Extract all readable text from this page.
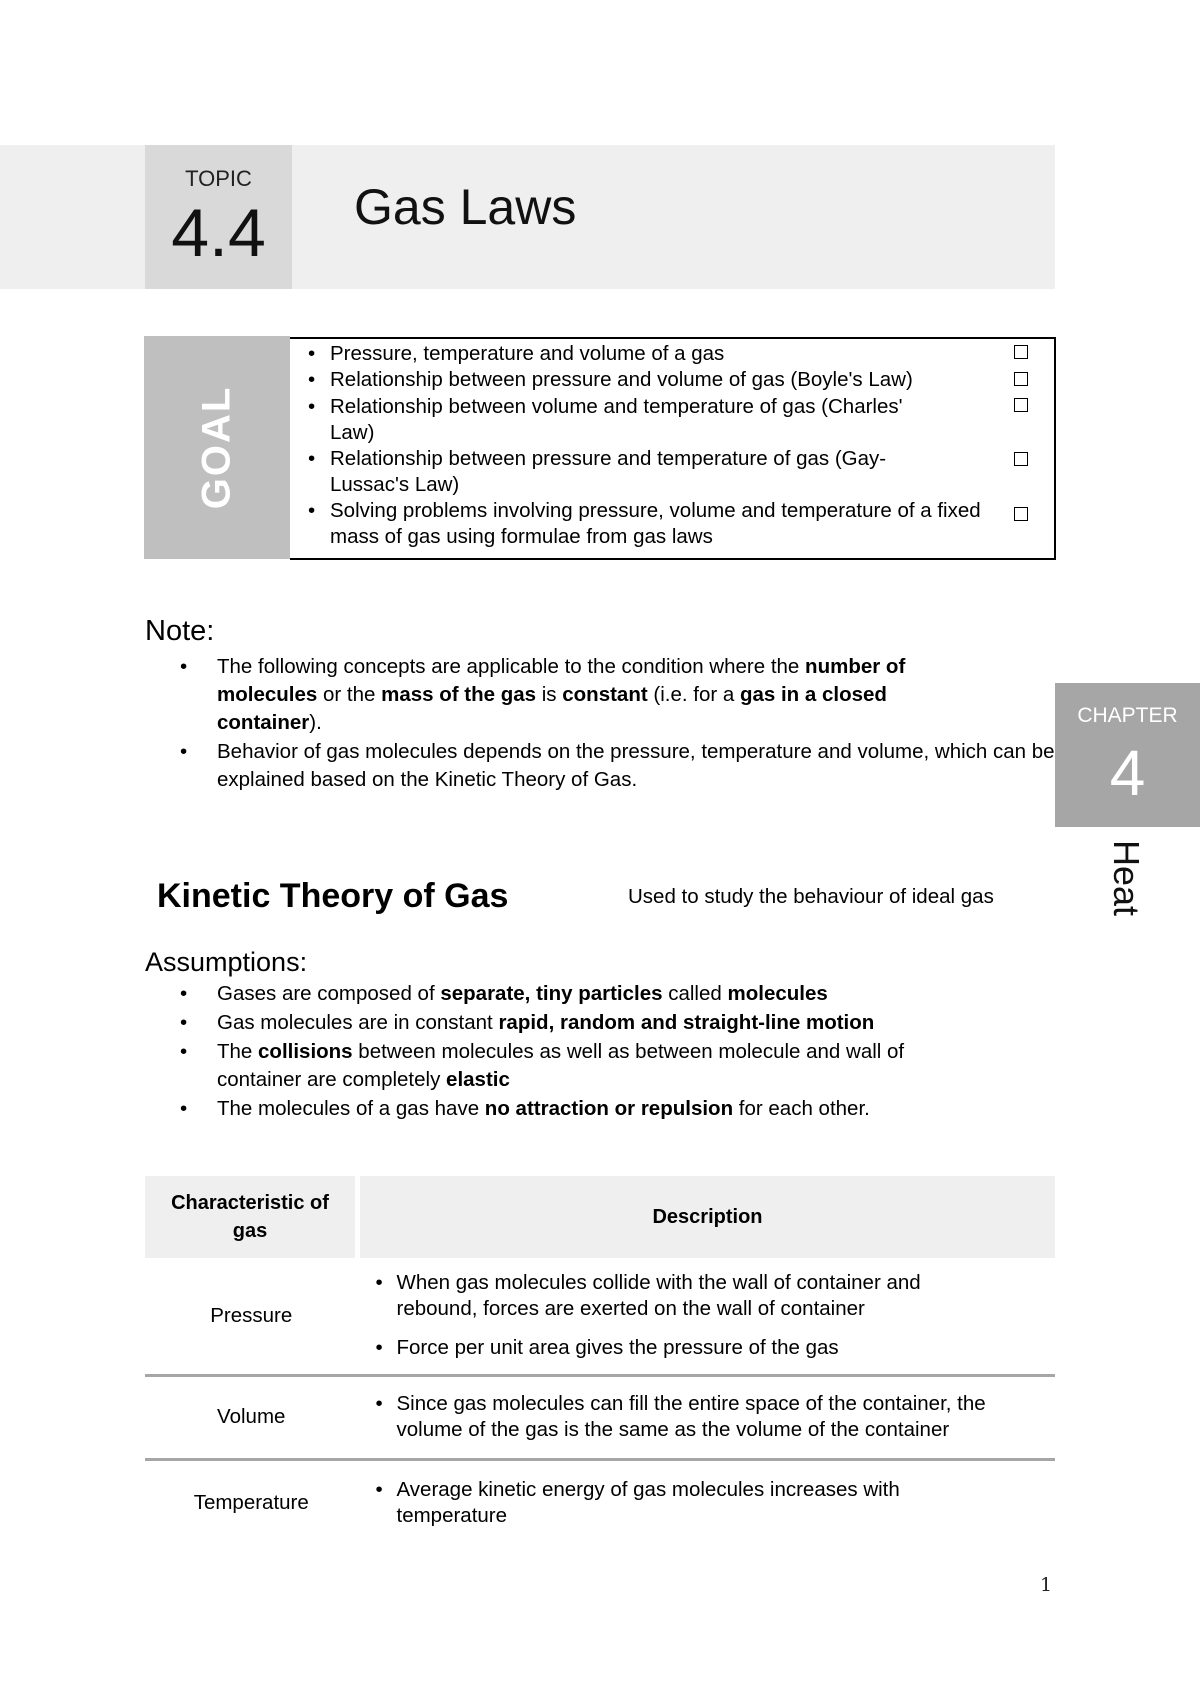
TOPIC
4.4	Gas Laws
GOAL
• Pressure, temperature and volume of a gas
• Relationship between pressure and volume of gas (Boyle's Law)
• Relationship between volume and temperature of gas (Charles' Law)
• Relationship between pressure and temperature of gas (Gay-Lussac's Law)
• Solving problems involving pressure, volume and temperature of a fixed mass of gas using formulae from gas laws
Note:
• The following concepts are applicable to the condition where the number of molecules or the mass of the gas is constant (i.e. for a gas in a closed container).
• Behavior of gas molecules depends on the pressure, temperature and volume, which can be explained based on the Kinetic Theory of Gas.
CHAPTER
4
Heat
Kinetic Theory of Gas	Used to study the behaviour of ideal gas
Assumptions:
• Gases are composed of separate, tiny particles called molecules
• Gas molecules are in constant rapid, random and straight-line motion
• The collisions between molecules as well as between molecule and wall of container are completely elastic
• The molecules of a gas have no attraction or repulsion for each other.
Characteristic of gas	Description
Pressure	• When gas molecules collide with the wall of container and rebound, forces are exerted on the wall of container
• Force per unit area gives the pressure of the gas

Volume	• Since gas molecules can fill the entire space of the container, the volume of the gas is the same as the volume of the container

Temperature	• Average kinetic energy of gas molecules increases with temperature
1
